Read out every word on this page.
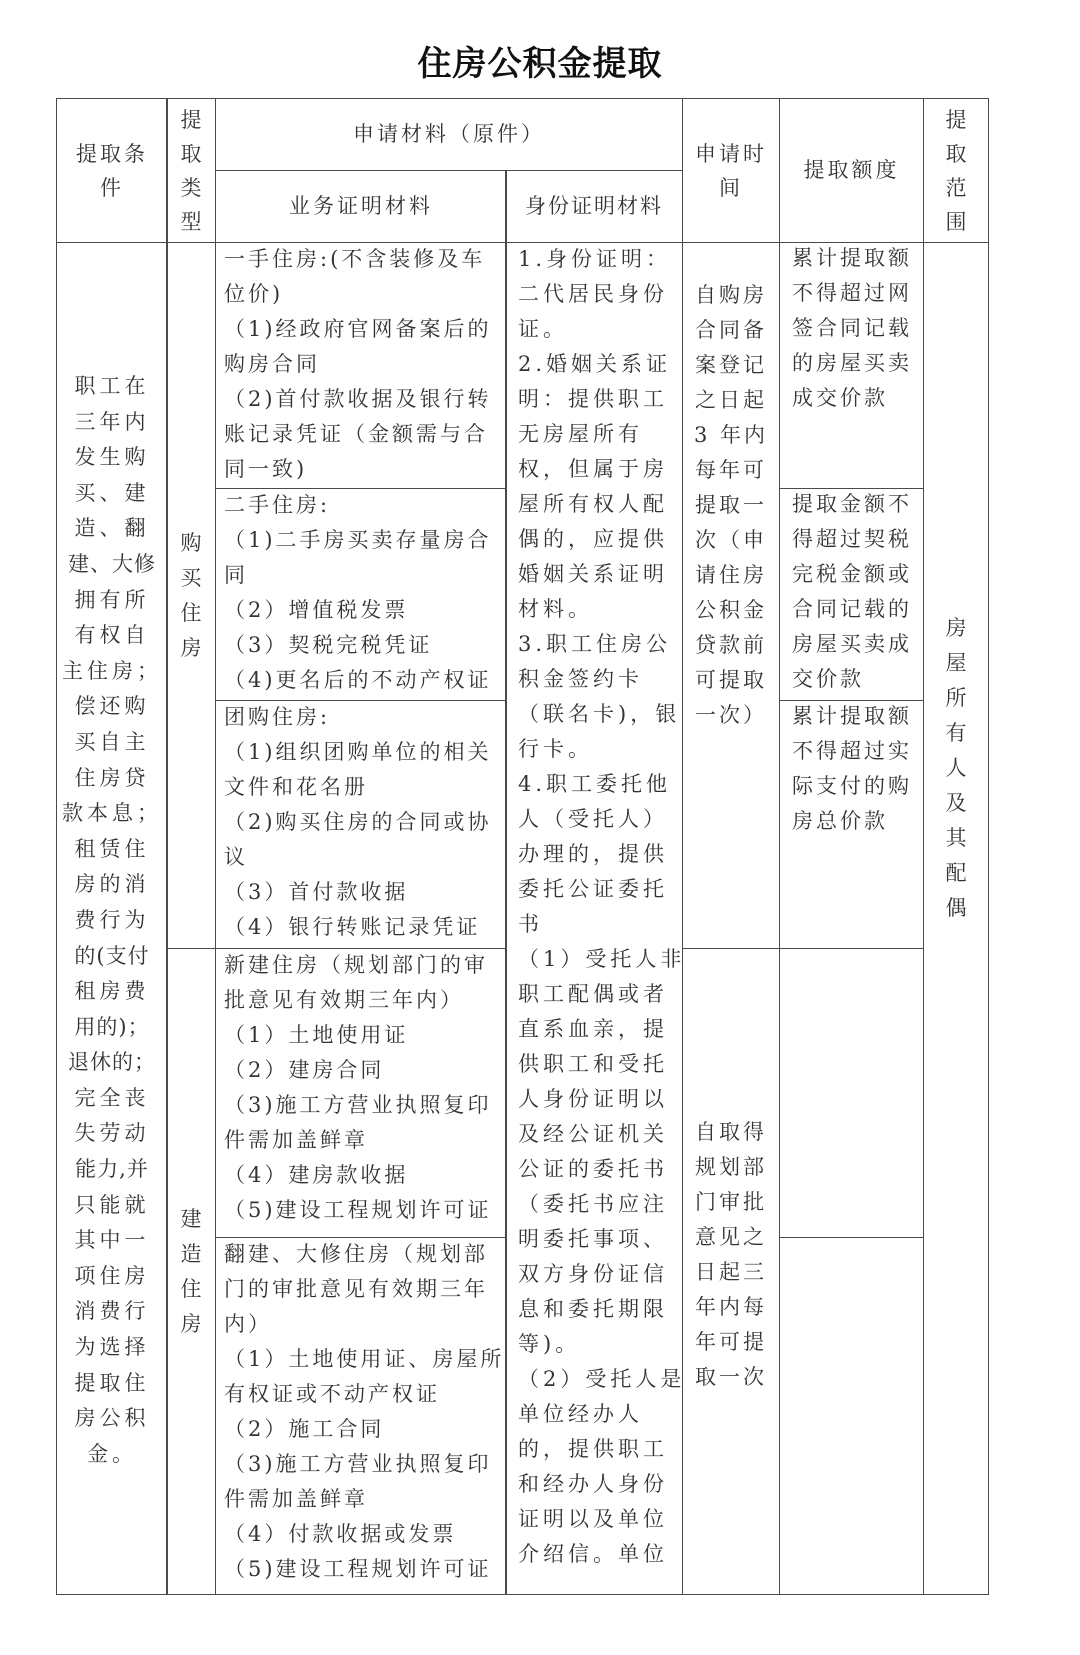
住房公积金提取
提取条件
提
取
类
型
申请材料（原件）
业务证明材料	身份证明材料
申请时
间
提取额度
提
取
范
围
职工在
三年内
发生购
买、建
造、翻
建、大修
拥有所
有权自
主住房；
偿还购
买自主
住房贷
款本息；
租赁住
房的消
费行为
的(支付
租房费
用的)；
退休的；
完全丧
失劳动
能力,并
只能就
其中一
项住房
消费行
为选择
提取住
房公积
金。
购
买
住
房
建
造
住
房
一手住房:(不含装修及车
位价)
（1)经政府官网备案后的
购房合同
（2)首付款收据及银行转
账记录凭证（金额需与合
同一致)
二手住房:
（1)二手房买卖存量房合
同
（2）增值税发票
（3）契税完税凭证
（4)更名后的不动产权证
团购住房:
（1)组织团购单位的相关
文件和花名册
（2)购买住房的合同或协
议
（3）首付款收据
（4）银行转账记录凭证
新建住房（规划部门的审
批意见有效期三年内）
（1）土地使用证
（2）建房合同
（3)施工方营业执照复印
件需加盖鲜章
（4）建房款收据
（5)建设工程规划许可证
翻建、大修住房（规划部
门的审批意见有效期三年
内）
（1）土地使用证、房屋所
有权证或不动产权证
（2）施工合同
（3)施工方营业执照复印
件需加盖鲜章
（4）付款收据或发票
（5)建设工程规划许可证
1.身份证明：
二代居民身份
证。
2.婚姻关系证
明：提供职工
无房屋所有
权，但属于房
屋所有权人配
偶的，应提供
婚姻关系证明
材料。
3.职工住房公
积金签约卡
（联名卡)，银
行卡。
4.职工委托他
人（受托人）
办理的，提供
委托公证委托
书
（1）受托人非
职工配偶或者
直系血亲，提
供职工和受托
人身份证明以
及经公证机关
公证的委托书
（委托书应注
明委托事项、
双方身份证信
息和委托期限
等)。
（2）受托人是
单位经办人
的，提供职工
和经办人身份
证明以及单位
介绍信。单位
自购房
合同备
案登记
之日起
3 年内
每年可
提取一
次（申
请住房
公积金
贷款前
可提取
一次）
自取得
规划部
门审批
意见之
日起三
年内每
年可提
取一次
累计提取额
不得超过网
签合同记载
的房屋买卖
成交价款
提取金额不
得超过契税
完税金额或
合同记载的
房屋买卖成
交价款
累计提取额
不得超过实
际支付的购
房总价款
房
屋
所
有
人
及
其
配
偶
